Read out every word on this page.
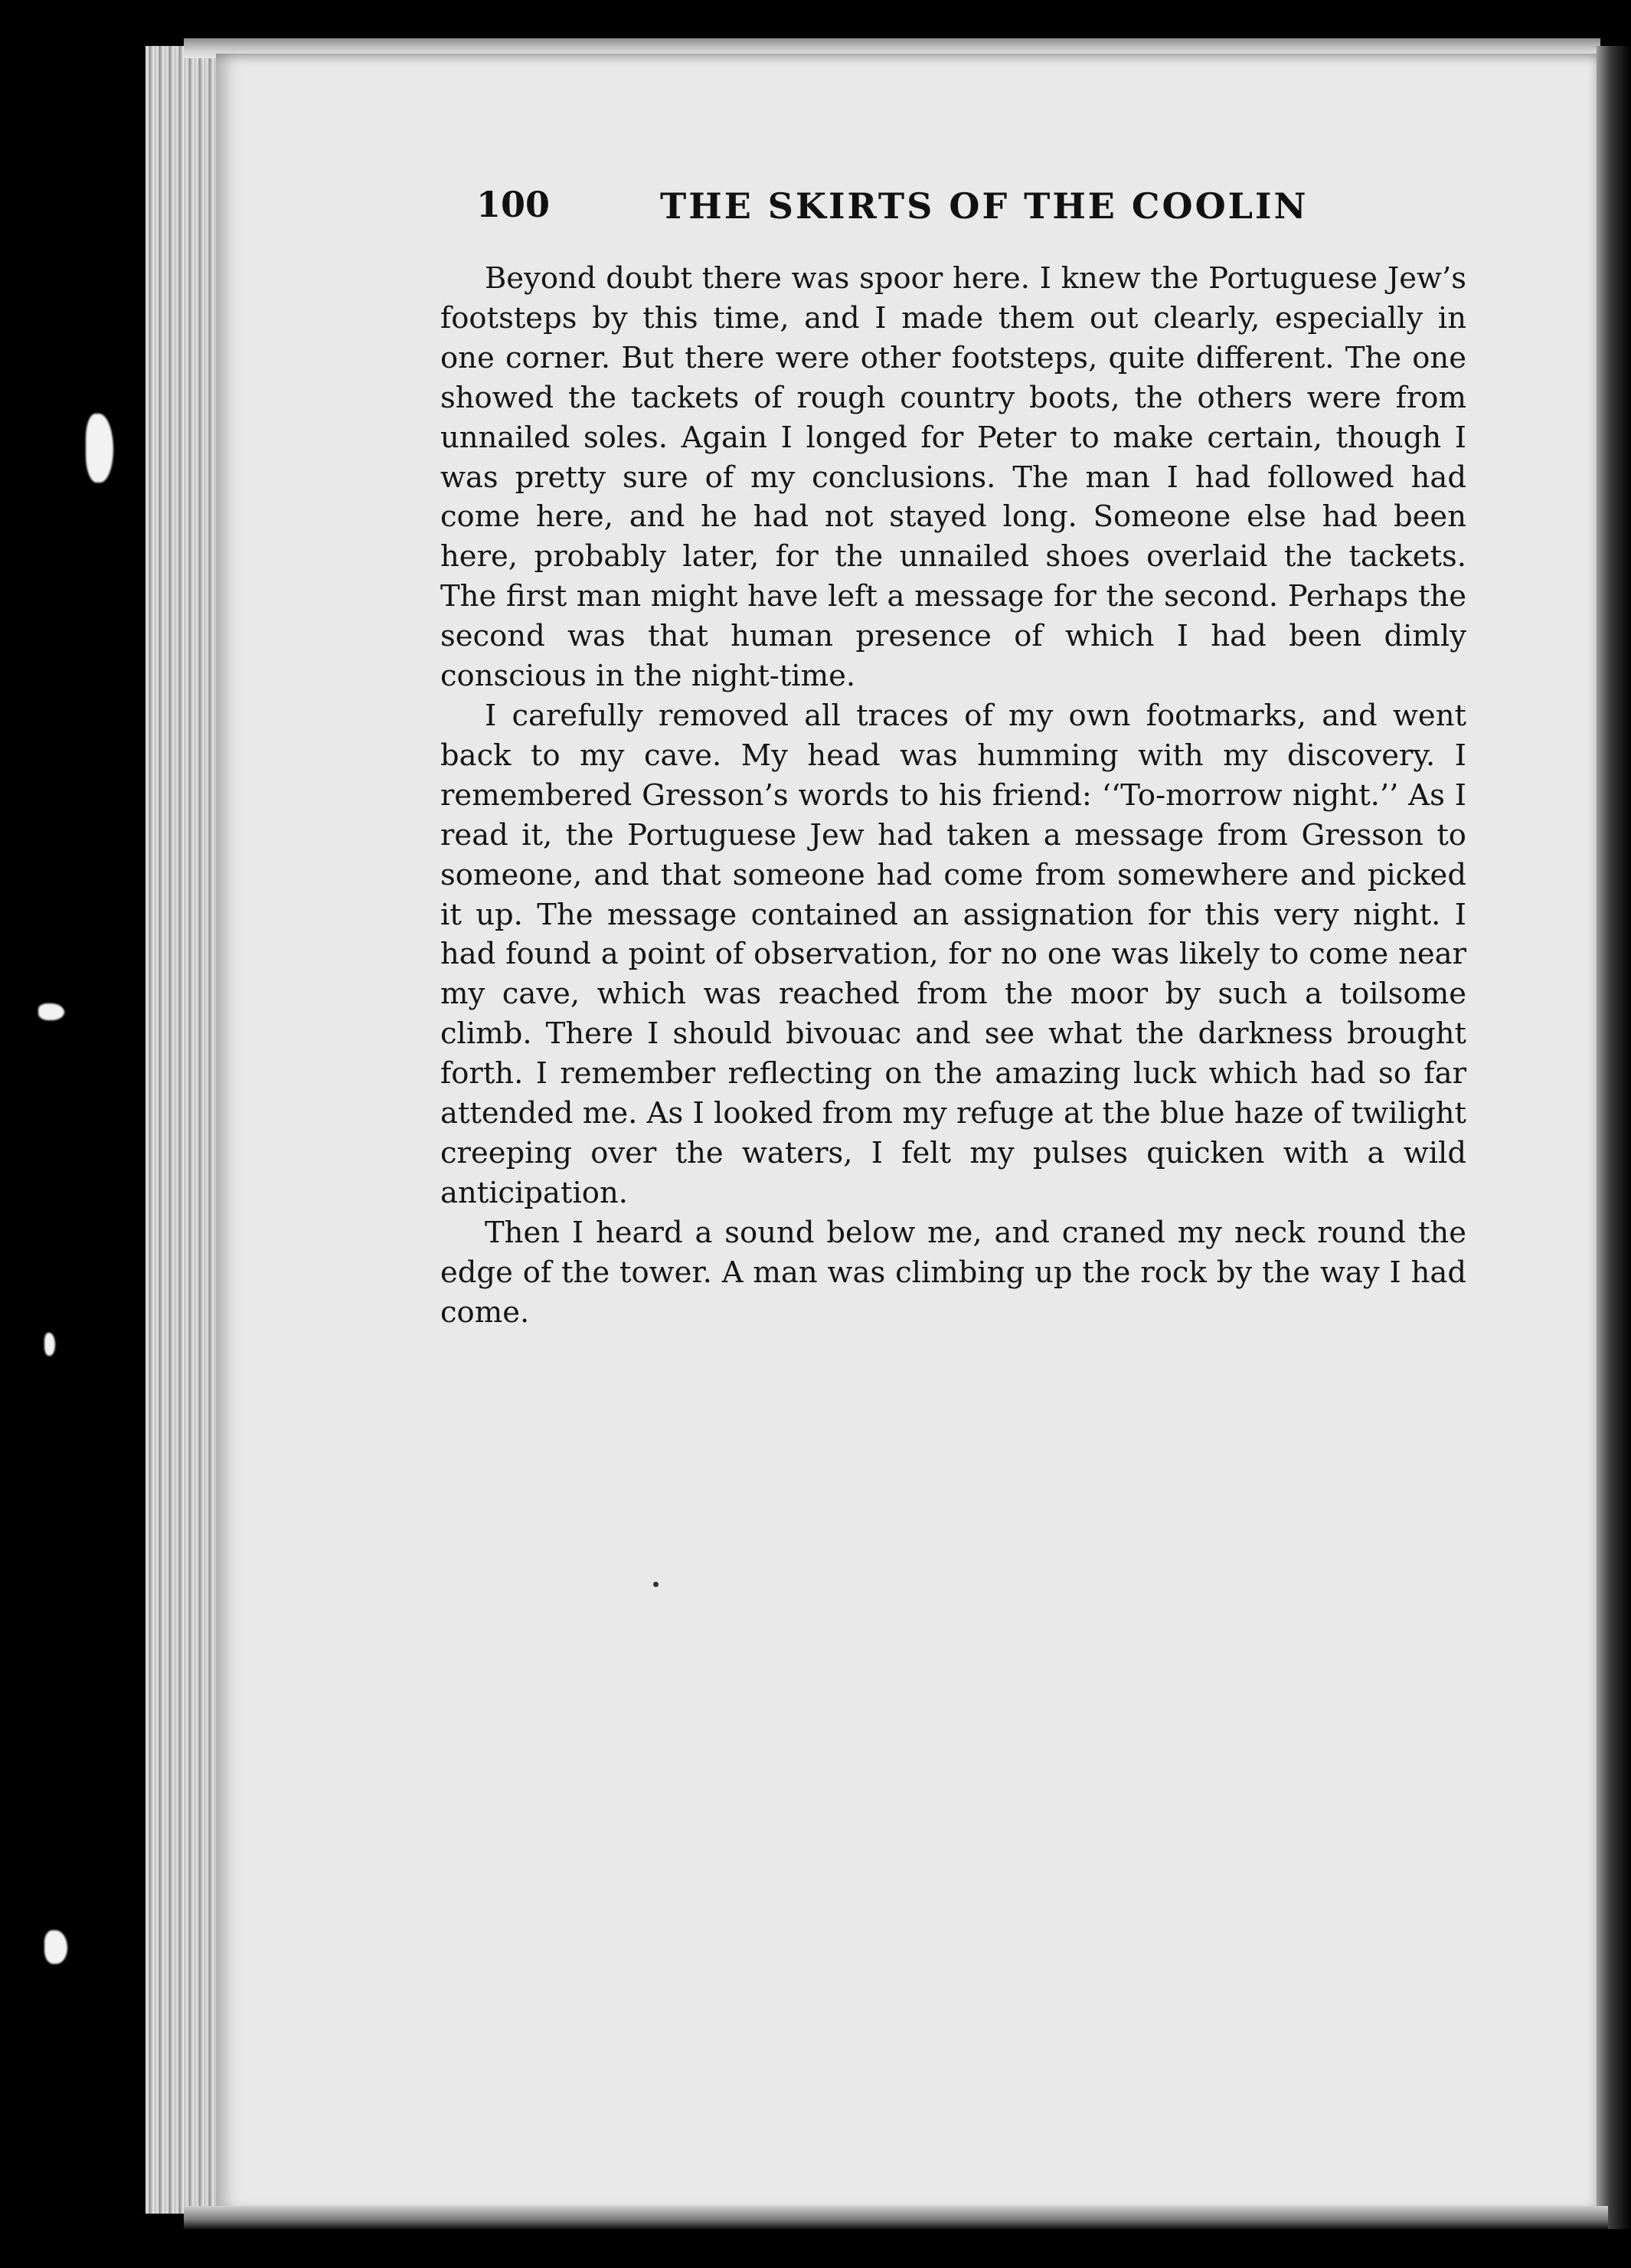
100	THE SKIRTS OF THE COOLIN

Beyond doubt there was spoor here. I knew the Portuguese Jew’s footsteps by this time, and I made them out clearly, especially in one corner. But there were other footsteps, quite different. The one showed the tackets of rough country boots, the others were from unnailed soles. Again I longed for Peter to make certain, though I was pretty sure of my conclusions. The man I had followed had come here, and he had not stayed long. Someone else had been here, probably later, for the unnailed shoes overlaid the tackets. The first man might have left a message for the second. Perhaps the second was that human presence of which I had been dimly conscious in the night-time.

I carefully removed all traces of my own footmarks, and went back to my cave. My head was humming with my discovery. I remembered Gresson’s words to his friend: ‘‘To-morrow night.’’ As I read it, the Portuguese Jew had taken a message from Gresson to someone, and that someone had come from somewhere and picked it up. The message contained an assignation for this very night. I had found a point of observation, for no one was likely to come near my cave, which was reached from the moor by such a toilsome climb. There I should bivouac and see what the darkness brought forth. I remember reflecting on the amazing luck which had so far attended me. As I looked from my refuge at the blue haze of twilight creeping over the waters, I felt my pulses quicken with a wild anticipation.

Then I heard a sound below me, and craned my neck round the edge of the tower. A man was climbing up the rock by the way I had come.
